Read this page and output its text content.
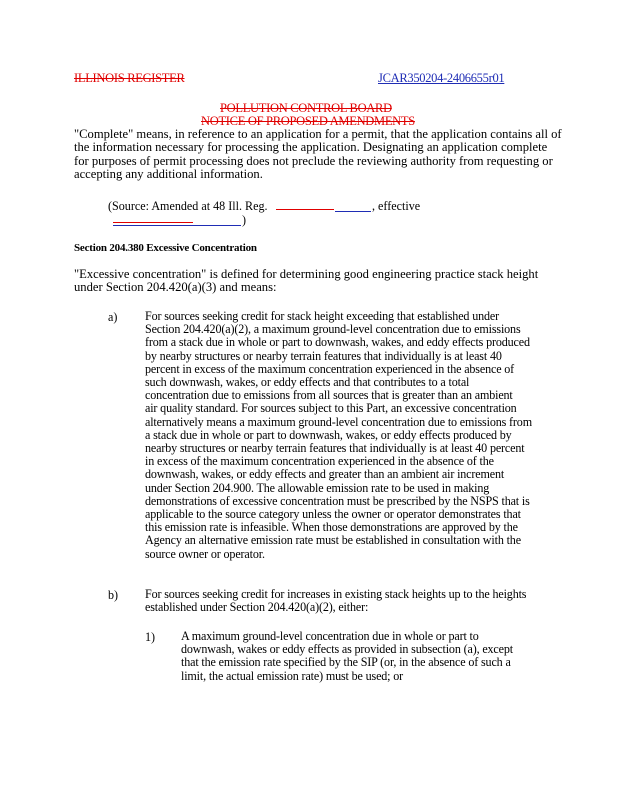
ILLINOIS REGISTER	JCAR350204-2406655r01
POLLUTION CONTROL BOARD
NOTICE OF PROPOSED AMENDMENTS
"Complete" means, in reference to an application for a permit, that the application contains all of
the information necessary for processing the application. Designating an application complete
for purposes of permit processing does not preclude the reviewing authority from requesting or
accepting any additional information.
(Source: Amended at 48 Ill. Reg.	, effective
)
Section 204.380 Excessive Concentration
"Excessive concentration" is defined for determining good engineering practice stack height
under Section 204.420(a)(3) and means:
a) For sources seeking credit for stack height exceeding that established under
Section 204.420(a)(2), a maximum ground-level concentration due to emissions
from a stack due in whole or part to downwash, wakes, and eddy effects produced
by nearby structures or nearby terrain features that individually is at least 40
percent in excess of the maximum concentration experienced in the absence of
such downwash, wakes, or eddy effects and that contributes to a total
concentration due to emissions from all sources that is greater than an ambient
air quality standard. For sources subject to this Part, an excessive concentration
alternatively means a maximum ground-level concentration due to emissions from
a stack due in whole or part to downwash, wakes, or eddy effects produced by
nearby structures or nearby terrain features that individually is at least 40 percent
in excess of the maximum concentration experienced in the absence of the
downwash, wakes, or eddy effects and greater than an ambient air increment
under Section 204.900. The allowable emission rate to be used in making
demonstrations of excessive concentration must be prescribed by the NSPS that is
applicable to the source category unless the owner or operator demonstrates that
this emission rate is infeasible. When those demonstrations are approved by the
Agency an alternative emission rate must be established in consultation with the
source owner or operator.
b) For sources seeking credit for increases in existing stack heights up to the heights
established under Section 204.420(a)(2), either:
1) A maximum ground-level concentration due in whole or part to
downwash, wakes or eddy effects as provided in subsection (a), except
that the emission rate specified by the SIP (or, in the absence of such a
limit, the actual emission rate) must be used; or
